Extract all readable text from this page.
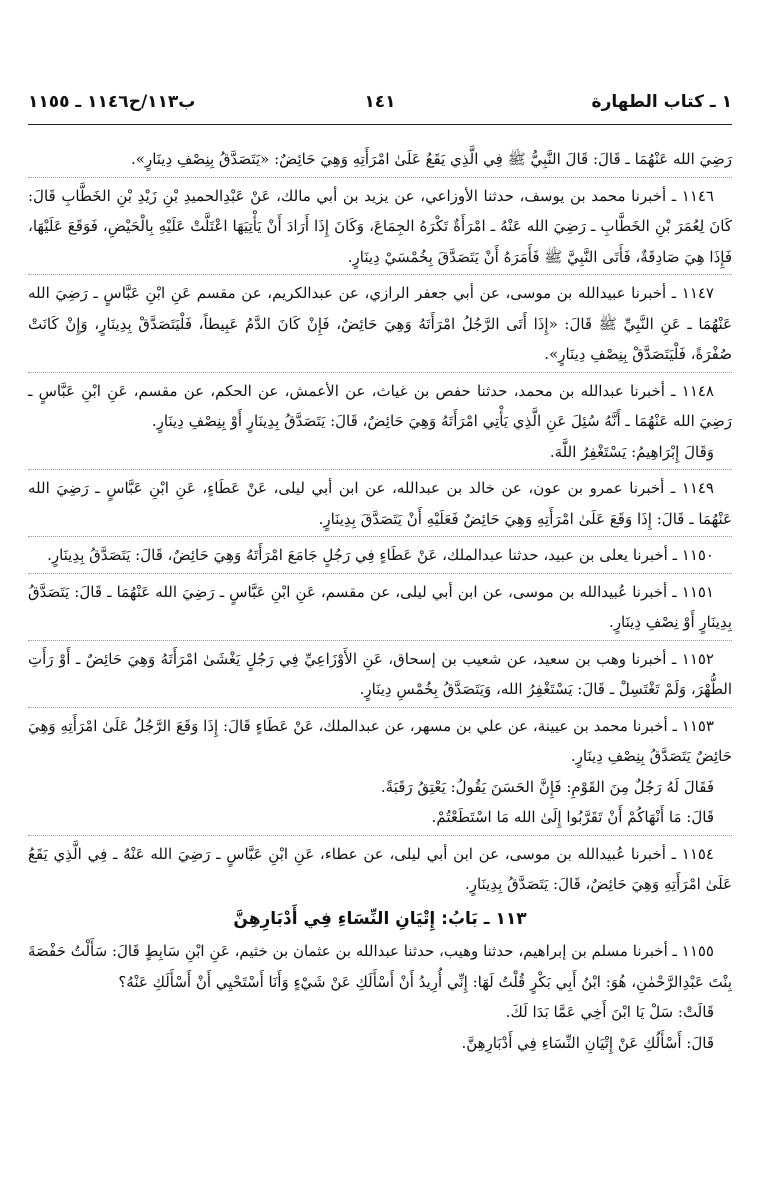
١ ـ كتاب الطهارة
١٤١
ب١١٣/ح١١٤٦ ـ ١١٥٥

رَضِيَ الله عَنْهُمَا ـ قَالَ: قَالَ النَّبِيُّ ﷺ فِي الَّذِي يَقَعُ عَلَىٰ امْرَأَتِهِ وَهِيَ حَائِضٌ: «يَتَصَدَّقُ بِنِصْفِ دِينَارٍ».

١١٤٦ ـ أخبرنا محمد بن يوسف، حدثنا الأوزاعي، عن يزيد بن أبي مالك، عَنْ عَبْدِالحميدِ بْنِ زَيْدِ بْنِ الخَطَّابِ قَالَ: كَانَ لِعُمَرَ بْنِ الخَطَّابِ ـ رَضِيَ الله عَنْهُ ـ امْرَأَةٌ تَكْرَهُ الجِمَاعَ، وَكَانَ إِذَا أَرَادَ أَنْ يَأْتِيَهَا اعْتَلَّتْ عَلَيْهِ بِالْحَيْضِ، فَوَقَعَ عَلَيْهَا، فَإِذَا هِيَ صَادِقَةٌ، فَأَتَى النَّبِيَّ ﷺ فَأَمَرَهُ أَنْ يَتَصَدَّقَ بِخُمْسَيْ دِينَارٍ.

١١٤٧ ـ أخبرنا عبيدالله بن موسى، عن أبي جعفر الرازي، عن عبدالكريم، عن مقسم عَنِ ابْنِ عَبَّاسٍ ـ رَضِيَ الله عَنْهُمَا ـ عَنِ النَّبِيِّ ﷺ قَالَ: «إِذَا أَتَى الرَّجُلُ امْرَأَتَهُ وَهِيَ حَائِضٌ، فَإِنْ كَانَ الدَّمُ عَبِيطاً، فَلْيَتَصَدَّقْ بِدِينَارٍ، وَإِنْ كَانَتْ صُفْرَةً، فَلْيَتَصَدَّقْ بِنِصْفِ دِينَارٍ».

١١٤٨ ـ أخبرنا عبدالله بن محمد، حدثنا حفص بن غياث، عن الأعمش، عن الحكم، عن مقسم، عَنِ ابْنِ عَبَّاسٍ ـ رَضِيَ الله عَنْهُمَا ـ أَنَّهُ سُئِلَ عَنِ الَّذِي يَأْتِي امْرَأَتَهُ وَهِيَ حَائِضٌ، قَالَ: يَتَصَدَّقُ بِدِينَارٍ أَوْ بِنِصْفِ دِينَارٍ.

وَقَالَ إِبْرَاهِيمُ: يَسْتَغْفِرُ اللَّهَ.

١١٤٩ ـ أخبرنا عمرو بن عون، عن خالد بن عبدالله، عن ابن أبي ليلى، عَنْ عَطَاءٍ، عَنِ ابْنِ عَبَّاسٍ ـ رَضِيَ الله عَنْهُمَا ـ قَالَ: إِذَا وَقَعَ عَلَىٰ امْرَأَتِهِ وَهِيَ حَائِضٌ فَعَلَيْهِ أَنْ يَتَصَدَّقَ بِدِينَارٍ.

١١٥٠ ـ أخبرنا يعلى بن عبيد، حدثنا عبدالملك، عَنْ عَطَاءٍ فِي رَجُلٍ جَامَعَ امْرَأَتَهُ وَهِيَ حَائِضٌ، قَالَ: يَتَصَدَّقُ بِدِينَارٍ.

١١٥١ ـ أخبرنا عُبيدالله بن موسى، عن ابن أبي ليلى، عن مقسم، عَنِ ابْنِ عَبَّاسٍ ـ رَضِيَ الله عَنْهُمَا ـ قَالَ: يَتَصَدَّقُ بِدِينَارٍ أَوْ نِصْفِ دِينَارٍ.

١١٥٢ ـ أخبرنا وهب بن سعيد، عن شعيب بن إسحاق، عَنِ الأَوْزَاعِيِّ فِي رَجُلٍ يَغْشَىٰ امْرَأَتَهُ وَهِيَ حَائِضٌ ـ أَوْ رَأَتِ الطُّهْرَ، وَلَمْ تَغْتَسِلْ ـ قَالَ: يَسْتَغْفِرُ الله، وَيَتَصَدَّقُ بِخُمْسِ دِينَارٍ.

١١٥٣ ـ أخبرنا محمد بن عيينة، عن علي بن مسهر، عن عبدالملك، عَنْ عَطَاءٍ قَالَ: إِذَا وَقَعَ الرَّجُلُ عَلَىٰ امْرَأَتِهِ وَهِيَ حَائِضٌ يَتَصَدَّقُ بِنِصْفِ دِينَارٍ.

فَقَالَ لَهُ رَجُلٌ مِنَ القَوْمِ: فَإِنَّ الحَسَنَ يَقُولُ: يَعْتِقُ رَقَبَةً.

قَالَ: مَا أَنْهَاكُمْ أَنْ تَقَرَّبُوا إِلَىٰ الله مَا اسْتَطَعْتُمْ.

١١٥٤ ـ أخبرنا عُبيدالله بن موسى، عن ابن أبي ليلى، عن عطاء، عَنِ ابْنِ عَبَّاسٍ ـ رَضِيَ الله عَنْهُ ـ فِي الَّذِي يَقَعُ عَلَىٰ امْرَأَتِهِ وَهِيَ حَائِضٌ، قَالَ: يَتَصَدَّقُ بِدِينَارٍ.

١١٣ ـ بَابُ: إِتْيَانِ النِّسَاءِ فِي أَدْبَارِهِنَّ

١١٥٥ ـ أخبرنا مسلم بن إبراهيم، حدثنا وهيب، حدثنا عبدالله بن عثمان بن خثيم، عَنِ ابْنِ سَابِطٍ قَالَ: سَأَلْتُ حَفْصَةَ بِنْتَ عَبْدِالرَّحْمٰنِ، هُوَ: ابْنُ أَبِي بَكْرٍ قُلْتُ لَهَا: إِنِّي أُرِيدُ أَنْ أَسْأَلَكِ عَنْ شَيْءٍ وَأَنَا أَسْتَحْيِي أَنْ أَسْأَلَكِ عَنْهُ؟

قَالَتْ: سَلْ يَا ابْنَ أَخِي عَمَّا بَدَا لَكَ.

قَالَ: أَسْأَلُكِ عَنْ إِتْيَانِ النِّسَاءِ فِي أَدْبَارِهِنَّ.
